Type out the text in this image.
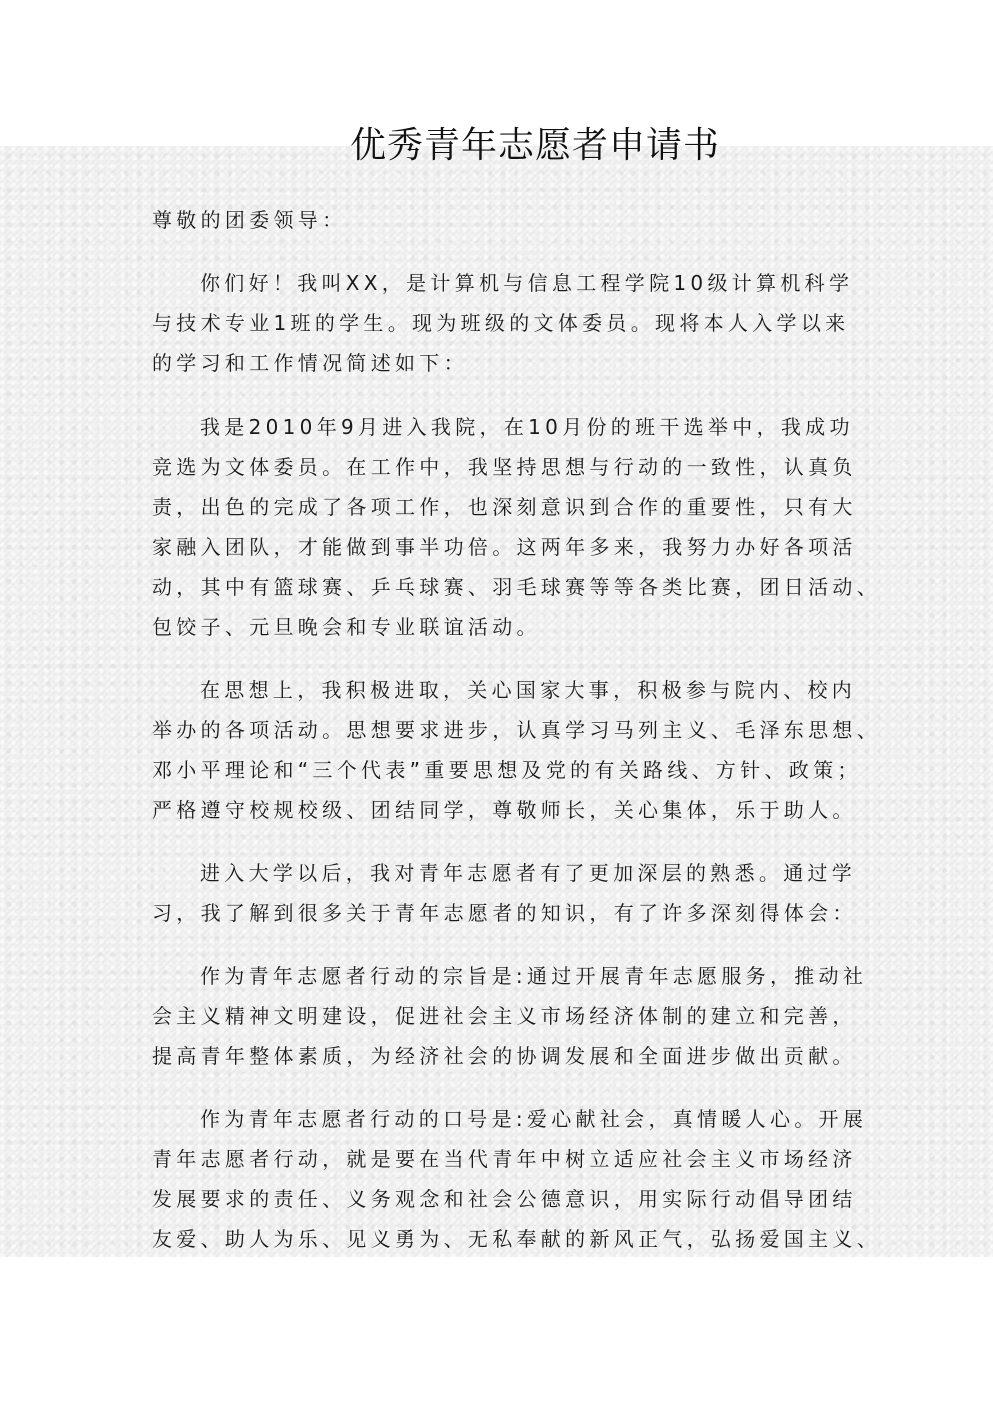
优秀青年志愿者申请书
尊敬的团委领导：
你们好！我叫XX，是计算机与信息工程学院10级计算机科学
与技术专业1班的学生。现为班级的文体委员。现将本人入学以来
的学习和工作情况简述如下：
我是2010年9月进入我院，在10月份的班干选举中，我成功
竞选为文体委员。在工作中，我坚持思想与行动的一致性，认真负
责，出色的完成了各项工作，也深刻意识到合作的重要性，只有大
家融入团队，才能做到事半功倍。这两年多来，我努力办好各项活
动，其中有篮球赛、乒乓球赛、羽毛球赛等等各类比赛，团日活动、
包饺子、元旦晚会和专业联谊活动。
在思想上，我积极进取，关心国家大事，积极参与院内、校内
举办的各项活动。思想要求进步，认真学习马列主义、毛泽东思想、
邓小平理论和“三个代表”重要思想及党的有关路线、方针、政策；
严格遵守校规校级、团结同学，尊敬师长，关心集体，乐于助人。
进入大学以后，我对青年志愿者有了更加深层的熟悉。通过学
习，我了解到很多关于青年志愿者的知识，有了许多深刻得体会：
作为青年志愿者行动的宗旨是:通过开展青年志愿服务，推动社
会主义精神文明建设，促进社会主义市场经济体制的建立和完善，
提高青年整体素质，为经济社会的协调发展和全面进步做出贡献。
作为青年志愿者行动的口号是:爱心献社会，真情暖人心。开展
青年志愿者行动，就是要在当代青年中树立适应社会主义市场经济
发展要求的责任、义务观念和社会公德意识，用实际行动倡导团结
友爱、助人为乐、见义勇为、无私奉献的新风正气，弘扬爱国主义、
